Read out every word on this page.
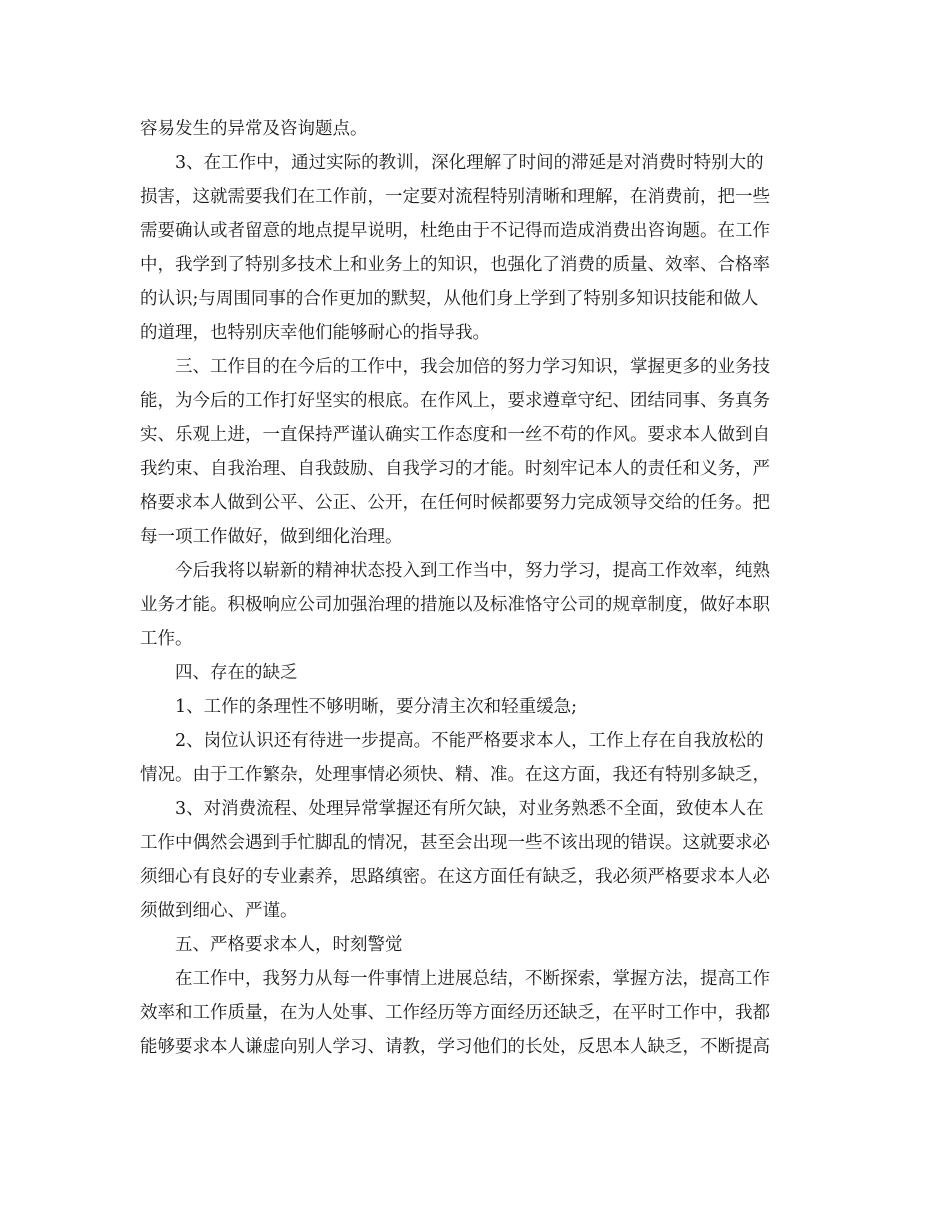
容易发生的异常及咨询题点。
　　3、在工作中，通过实际的教训，深化理解了时间的滞延是对消费时特别大的
损害，这就需要我们在工作前，一定要对流程特别清晰和理解，在消费前，把一些
需要确认或者留意的地点提早说明，杜绝由于不记得而造成消费出咨询题。在工作
中，我学到了特别多技术上和业务上的知识，也强化了消费的质量、效率、合格率
的认识;与周围同事的合作更加的默契，从他们身上学到了特别多知识技能和做人
的道理，也特别庆幸他们能够耐心的指导我。
　　三、工作目的在今后的工作中，我会加倍的努力学习知识，掌握更多的业务技
能，为今后的工作打好坚实的根底。在作风上，要求遵章守纪、团结同事、务真务
实、乐观上进，一直保持严谨认确实工作态度和一丝不苟的作风。要求本人做到自
我约束、自我治理、自我鼓励、自我学习的才能。时刻牢记本人的责任和义务，严
格要求本人做到公平、公正、公开，在任何时候都要努力完成领导交给的任务。把
每一项工作做好，做到细化治理。
　　今后我将以崭新的精神状态投入到工作当中，努力学习，提高工作效率，纯熟
业务才能。积极响应公司加强治理的措施以及标准恪守公司的规章制度，做好本职
工作。
　　四、存在的缺乏
　　1、工作的条理性不够明晰，要分清主次和轻重缓急;
　　2、岗位认识还有待进一步提高。不能严格要求本人，工作上存在自我放松的
情况。由于工作繁杂，处理事情必须快、精、准。在这方面，我还有特别多缺乏，
　　3、对消费流程、处理异常掌握还有所欠缺，对业务熟悉不全面，致使本人在
工作中偶然会遇到手忙脚乱的情况，甚至会出现一些不该出现的错误。这就要求必
须细心有良好的专业素养，思路缜密。在这方面任有缺乏，我必须严格要求本人必
须做到细心、严谨。
　　五、严格要求本人，时刻警觉
　　在工作中，我努力从每一件事情上进展总结，不断探索，掌握方法，提高工作
效率和工作质量，在为人处事、工作经历等方面经历还缺乏，在平时工作中，我都
能够要求本人谦虚向别人学习、请教，学习他们的长处，反思本人缺乏，不断提高
